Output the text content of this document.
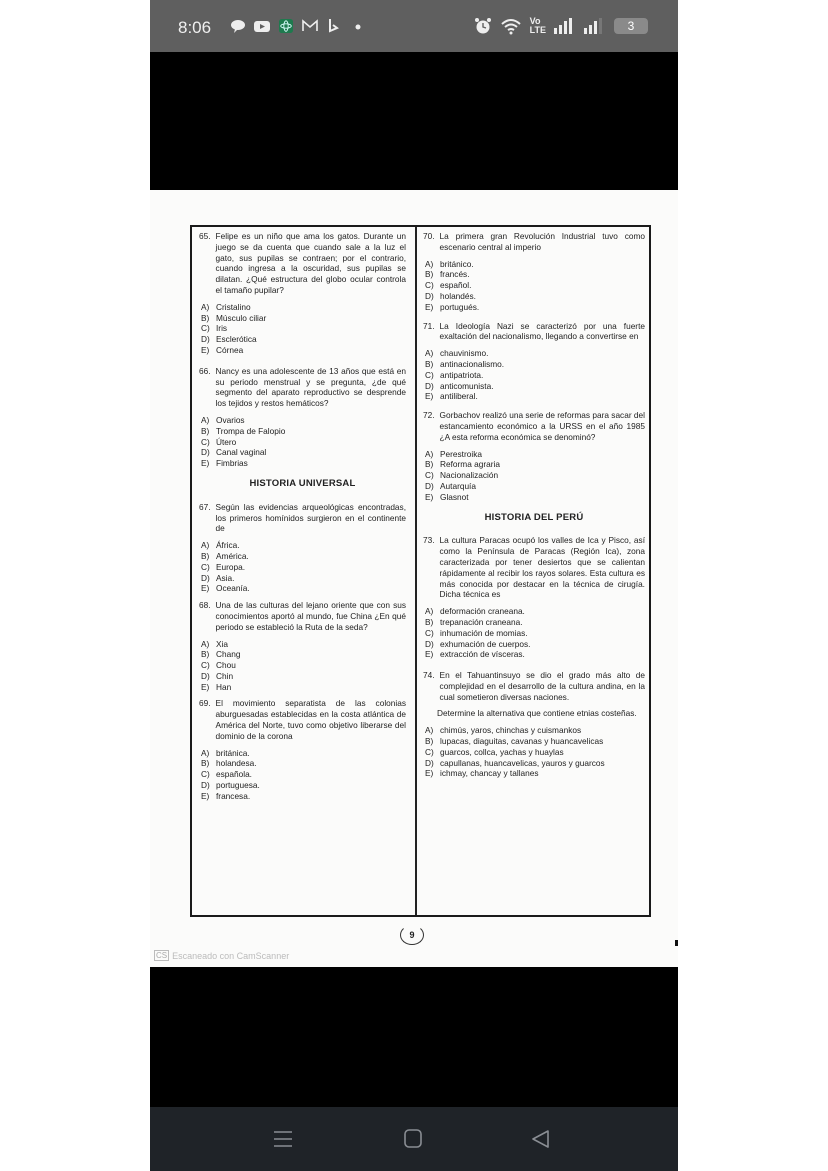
8:06	Vo
LTE	3
65. Felipe es un niño que ama los gatos. Durante un juego se da cuenta que cuando sale a la luz el gato, sus pupilas se contraen; por el contrario, cuando ingresa a la oscuridad, sus pupilas se dilatan. ¿Qué estructura del globo ocular controla el tamaño pupilar?
A) Cristalino
B) Músculo ciliar
C) Iris
D) Esclerótica
E) Córnea
66. Nancy es una adolescente de 13 años que está en su periodo menstrual y se pregunta, ¿de qué segmento del aparato reproductivo se desprende los tejidos y restos hemáticos?
A) Ovarios
B) Trompa de Falopio
C) Útero
D) Canal vaginal
E) Fimbrias
HISTORIA UNIVERSAL
67. Según las evidencias arqueológicas encontradas, los primeros homínidos surgieron en el continente de
A) África.
B) América.
C) Europa.
D) Asia.
E) Oceanía.
68. Una de las culturas del lejano oriente que con sus conocimientos aportó al mundo, fue China ¿En qué periodo se estableció la Ruta de la seda?
A) Xia
B) Chang
C) Chou
D) Chin
E) Han
69. El movimiento separatista de las colonias aburguesadas establecidas en la costa atlántica de América del Norte, tuvo como objetivo liberarse del dominio de la corona
A) británica.
B) holandesa.
C) española.
D) portuguesa.
E) francesa.
70. La primera gran Revolución Industrial tuvo como escenario central al imperio
A) británico.
B) francés.
C) español.
D) holandés.
E) portugués.
71. La Ideología Nazi se caracterizó por una fuerte exaltación del nacionalismo, llegando a convertirse en
A) chauvinismo.
B) antinacionalismo.
C) antipatriota.
D) anticomunista.
E) antiliberal.
72. Gorbachov realizó una serie de reformas para sacar del estancamiento económico a la URSS en el año 1985 ¿A esta reforma económica se denominó?
A) Perestroika
B) Reforma agraria
C) Nacionalización
D) Autarquía
E) Glasnot
HISTORIA DEL PERÚ
73. La cultura Paracas ocupó los valles de Ica y Pisco, así como la Península de Paracas (Región Ica), zona caracterizada por tener desiertos que se calientan rápidamente al recibir los rayos solares. Esta cultura es más conocida por destacar en la técnica de cirugía. Dicha técnica es
A) deformación craneana.
B) trepanación craneana.
C) inhumación de momias.
D) exhumación de cuerpos.
E) extracción de vísceras.
74. En el Tahuantinsuyo se dio el grado más alto de complejidad en el desarrollo de la cultura andina, en la cual sometieron diversas naciones.
Determine la alternativa que contiene etnias costeñas.
A) chimús, yaros, chinchas y cuismankos
B) lupacas, diaguitas, cavanas y huancavelicas
C) guarcos, collca, yachas y huaylas
D) capullanas, huancavelicas, yauros y guarcos
E) ichmay, chancay y tallanes
9
CS Escaneado con CamScanner
